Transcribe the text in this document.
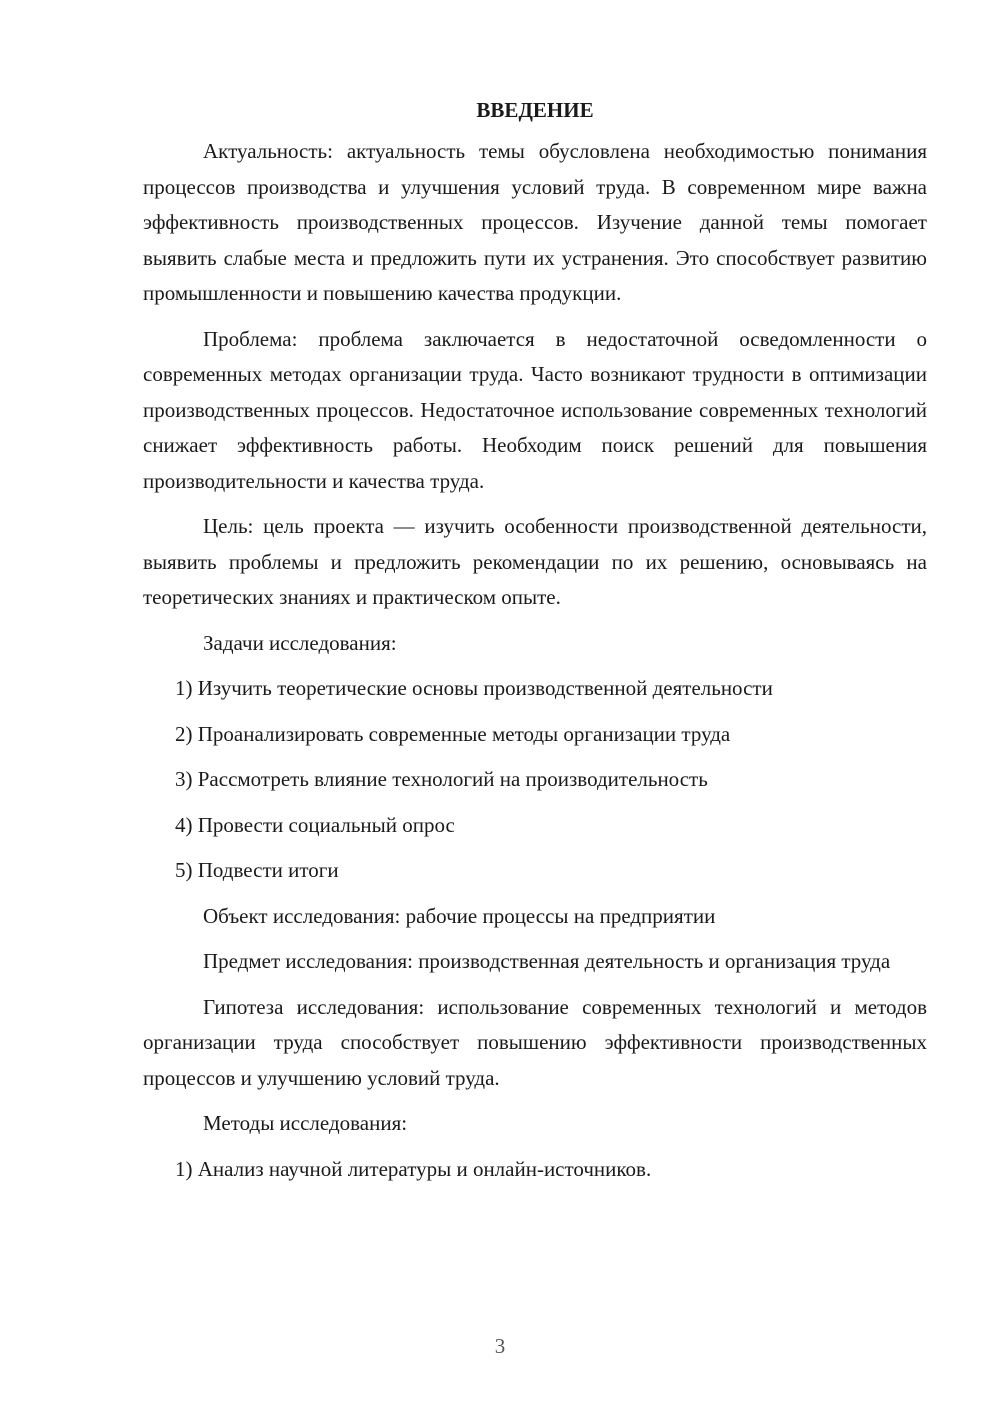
ВВЕДЕНИЕ
Актуальность: актуальность темы обусловлена необходимостью понимания процессов производства и улучшения условий труда. В современном мире важна эффективность производственных процессов. Изучение данной темы помогает выявить слабые места и предложить пути их устранения. Это способствует развитию промышленности и повышению качества продукции.
Проблема: проблема заключается в недостаточной осведомленности о современных методах организации труда. Часто возникают трудности в оптимизации производственных процессов. Недостаточное использование современных технологий снижает эффективность работы. Необходим поиск решений для повышения производительности и качества труда.
Цель: цель проекта — изучить особенности производственной деятельности, выявить проблемы и предложить рекомендации по их решению, основываясь на теоретических знаниях и практическом опыте.
Задачи исследования:
1) Изучить теоретические основы производственной деятельности
2) Проанализировать современные методы организации труда
3) Рассмотреть влияние технологий на производительность
4) Провести социальный опрос
5) Подвести итоги
Объект исследования: рабочие процессы на предприятии
Предмет исследования: производственная деятельность и организация труда
Гипотеза исследования: использование современных технологий и методов организации труда способствует повышению эффективности производственных процессов и улучшению условий труда.
Методы исследования:
1) Анализ научной литературы и онлайн-источников.
3
